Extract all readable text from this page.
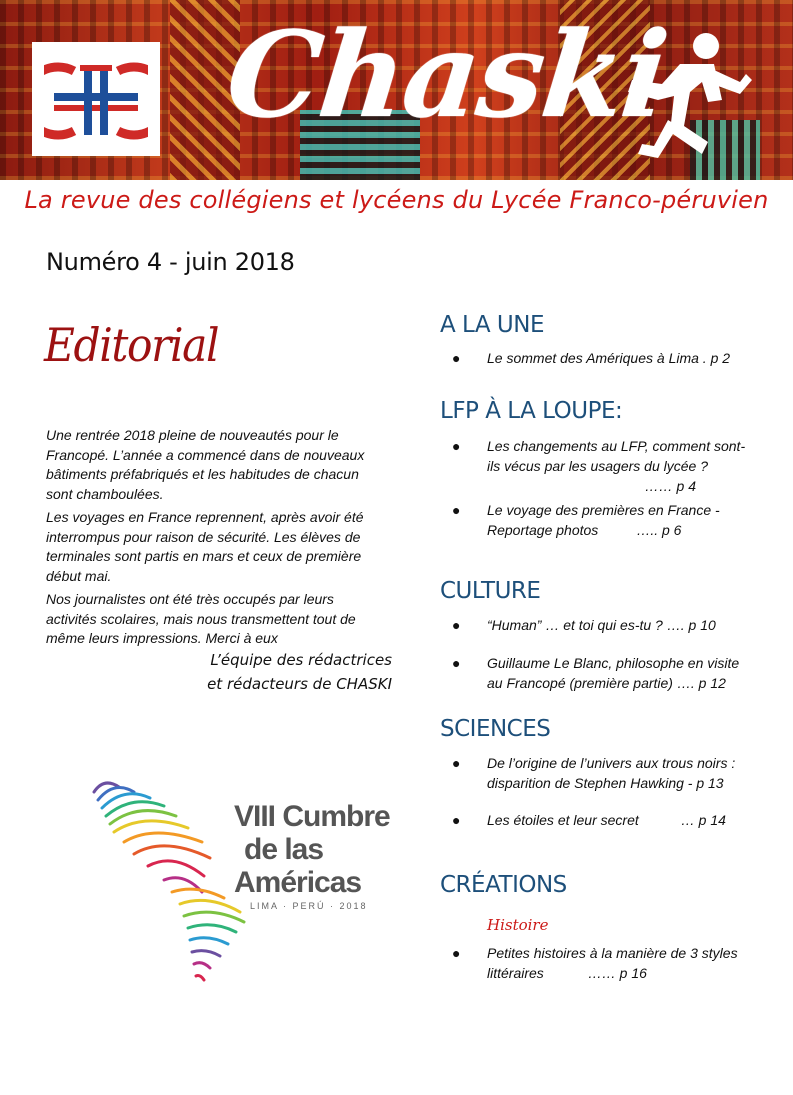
Chaski
La revue des collégiens et lycéens du Lycée Franco-péruvien
Numéro 4 - juin 2018
Editorial

Une rentrée 2018 pleine de nouveautés pour le Francopé. L’année a commencé dans de nouveaux bâtiments préfabriqués et les habitudes de chacun sont chamboulées.

Les voyages en France reprennent, après avoir été interrompus pour raison de sécurité. Les élèves de terminales sont partis en mars et ceux de première début mai.

Nos journalistes ont été très occupés par leurs activités scolaires, mais nous transmettent tout de même leurs impressions. Merci à eux

L’équipe des rédactrices
et rédacteurs de CHASKI
VIII Cumbre
de las
Américas
LIMA · PERÚ · 2018
A LA UNE
●	Le sommet des Amériques à Lima . p 2
LFP À LA LOUPE:
●	Les changements au LFP, comment sont-ils vécus par les usagers du lycée ?
…… p 4
●	Le voyage des premières en France - Reportage photos	….. p 6
CULTURE
●	“Human” … et toi qui es-tu ? …. p 10
●	Guillaume Le Blanc, philosophe en visite au Francopé (première partie) …. p 12
SCIENCES
●	De l’origine de l’univers aux trous noirs : disparition de Stephen Hawking - p 13
●	Les étoiles et leur secret	… p 14
CRÉATIONS
Histoire
●	Petites histoires à la manière de 3 styles littéraires	…… p 16
